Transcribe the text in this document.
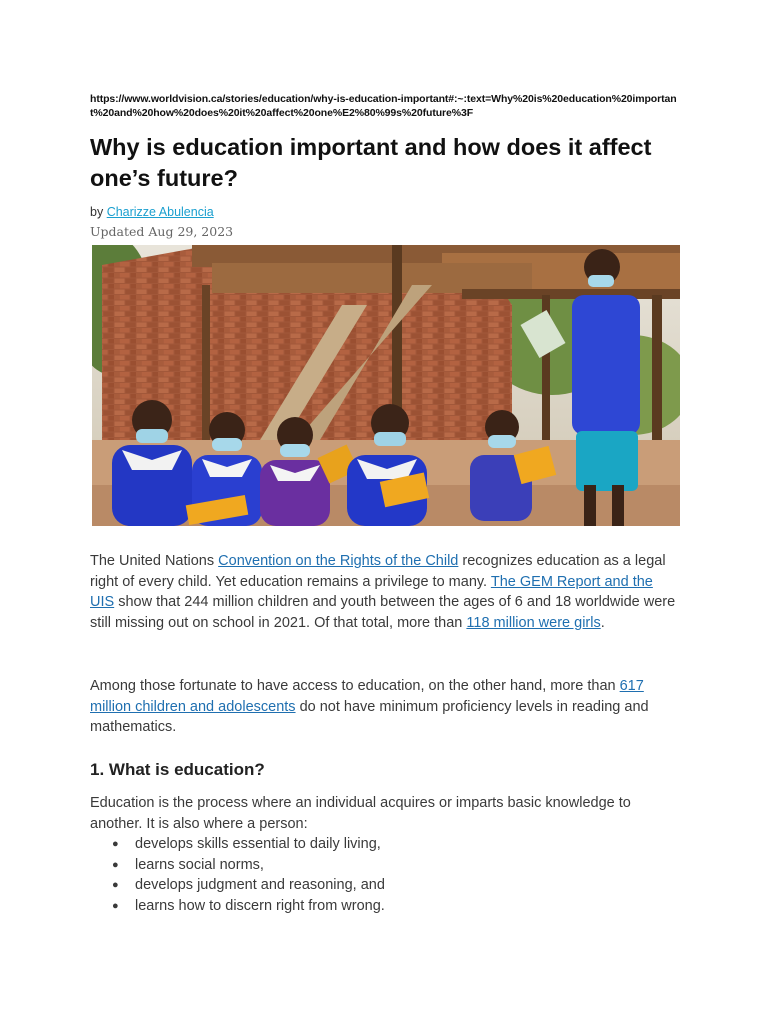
https://www.worldvision.ca/stories/education/why-is-education-important#:~:text=Why%20is%20education%20important%20and%20how%20does%20it%20affect%20one%E2%80%99s%20future%3F
Why is education important and how does it affect one’s future?
by Charizze Abulencia
Updated Aug 29, 2023

The United Nations Convention on the Rights of the Child recognizes education as a legal right of every child. Yet education remains a privilege to many. The GEM Report and the UIS show that 244 million children and youth between the ages of 6 and 18 worldwide were still missing out on school in 2021. Of that total, more than 118 million were girls.

Among those fortunate to have access to education, on the other hand, more than 617 million children and adolescents do not have minimum proficiency levels in reading and mathematics.

1. What is education?

Education is the process where an individual acquires or imparts basic knowledge to another. It is also where a person:

● develops skills essential to daily living,
● learns social norms,
● develops judgment and reasoning, and
● learns how to discern right from wrong.
